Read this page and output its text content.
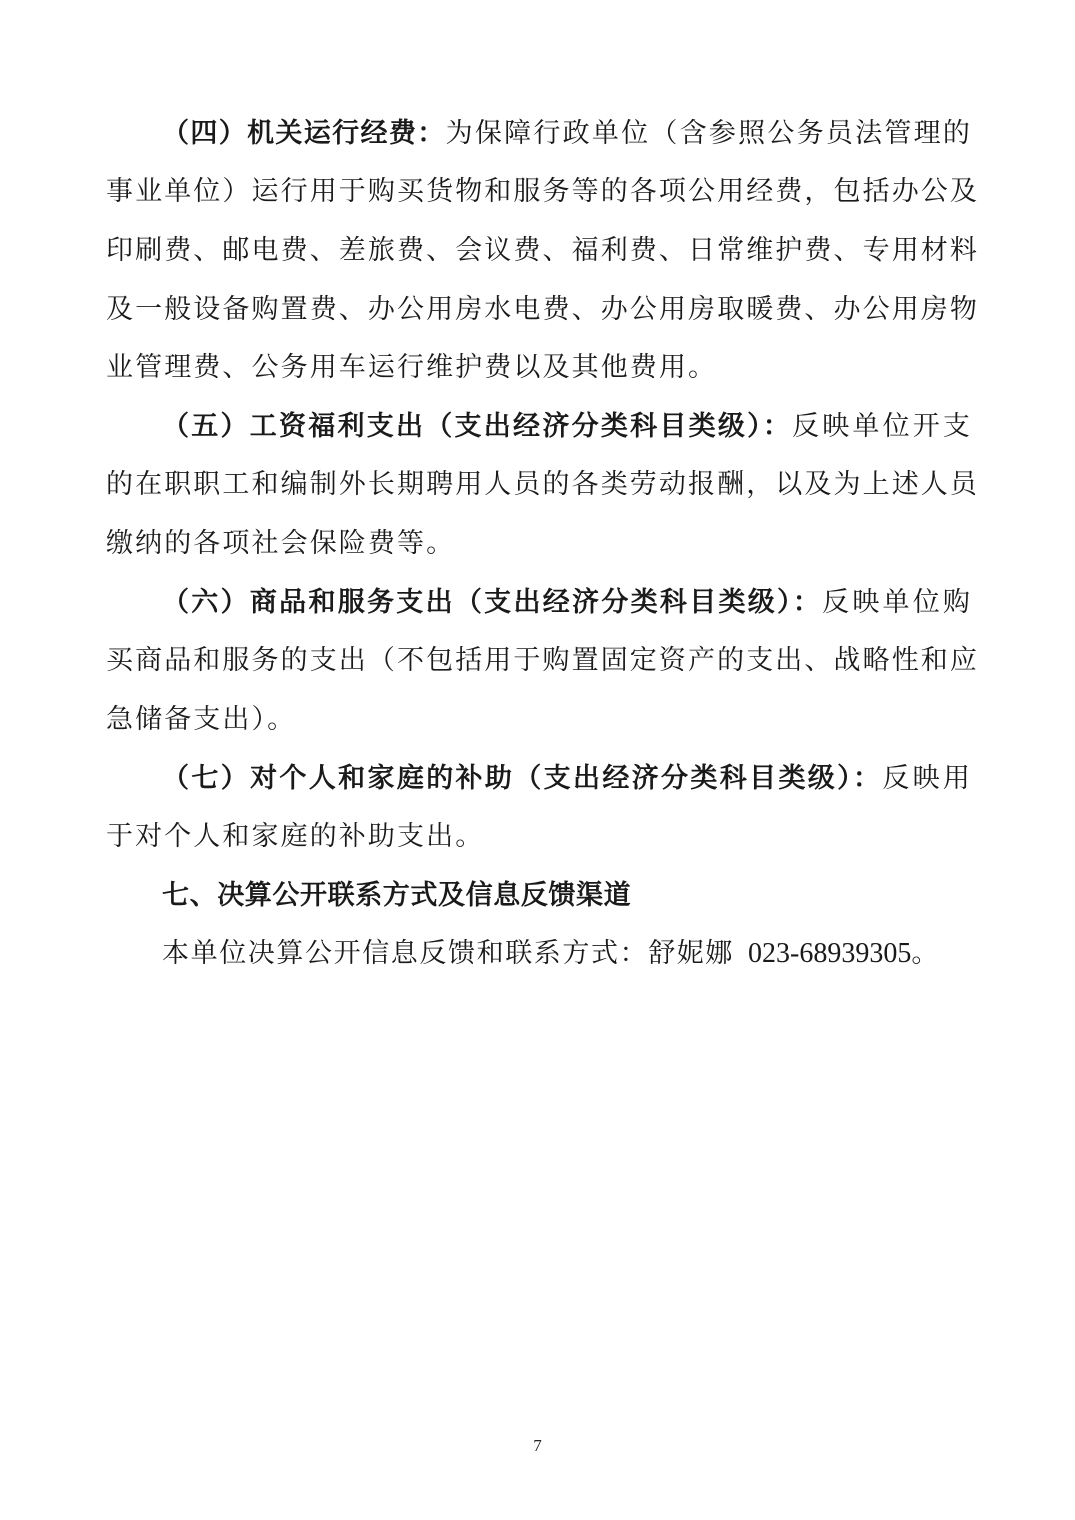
（四）机关运行经费：为保障行政单位（含参照公务员法管理的
事业单位）运行用于购买货物和服务等的各项公用经费，包括办公及
印刷费、邮电费、差旅费、会议费、福利费、日常维护费、专用材料
及一般设备购置费、办公用房水电费、办公用房取暖费、办公用房物
业管理费、公务用车运行维护费以及其他费用。
（五）工资福利支出（支出经济分类科目类级）：反映单位开支
的在职职工和编制外长期聘用人员的各类劳动报酬，以及为上述人员
缴纳的各项社会保险费等。
（六）商品和服务支出（支出经济分类科目类级）：反映单位购
买商品和服务的支出（不包括用于购置固定资产的支出、战略性和应
急储备支出）。
（七）对个人和家庭的补助（支出经济分类科目类级）：反映用
于对个人和家庭的补助支出。
七、决算公开联系方式及信息反馈渠道
本单位决算公开信息反馈和联系方式：舒妮娜 023-68939305。
7
